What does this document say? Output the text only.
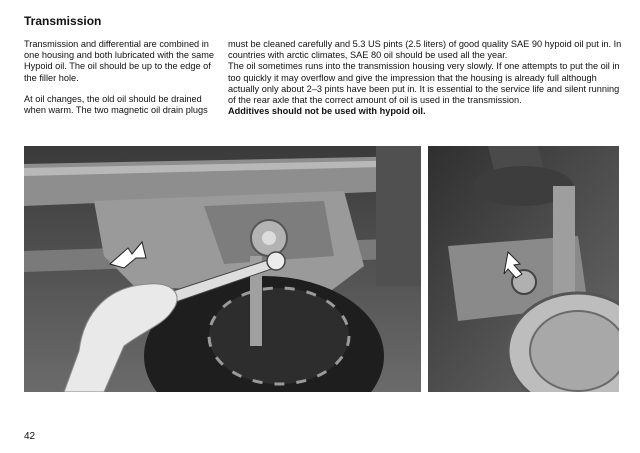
Transmission

Transmission and differential are combined in one housing and both lubricated with the same Hypoid oil. The oil should be up to the edge of the filler hole.

At oil changes, the old oil should be drained when warm. The two magnetic oil drain plugs

must be cleaned carefully and 5.3 US pints (2.5 liters) of good quality SAE 90 hypoid oil put in. In countries with arctic climates, SAE 80 oil should be used all the year.

The oil sometimes runs into the transmission housing very slowly. If one attempts to put the oil in too quickly it may overflow and give the impression that the housing is already full although actually only about 2–3 pints have been put in. It is essential to the service life and silent running of the rear axle that the correct amount of oil is used in the transmission.

Additives should not be used with hypoid oil.

42
